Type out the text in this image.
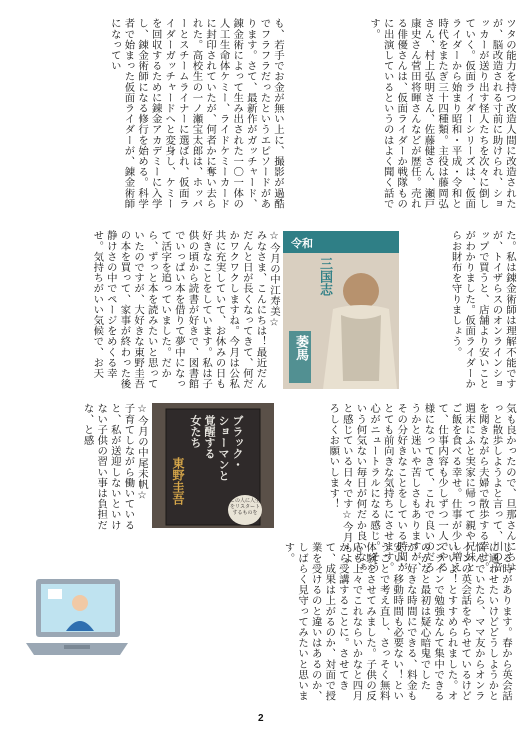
ツタの能力を持つ改造人間に改造されたが、脳改造される寸前に助けられ、ショッカーが送り出す怪人たちを次々に倒していく。仮面ライダーシリーズは、仮面ライダーから始まり昭和・平成・令和と時代をまたぎ三十四種類。主役は藤岡弘さん、村上弘明さん、佐藤健さん、瀬戸康史さん菅田将暉さんなどが歴任。売れる俳優さんは、仮面ライダーか戦隊ものに出演しているというのはよく聞く話です。
も、若手でお金が無い上に、撮影が過酷でフラフラだったというエピソードがあります。さて、最新作がガッチャード、錬金術によって生み出された一〇一体の人工生命体ケミー、ライドケミーカードに封印されていたが、何者かに奪い去られた。高校生の一ノ瀬宝太郎は、ホッパーとスチームライナーに選ばれ、仮面ライダーガッチャードへと変身し、ケミーを回収するために錬金アカデミーに入学し、錬金術師になる修行を始める。科学者で始まった仮面ライダーが、錬金術師になってい
た。私は錬金術師は理解不能ですが、トイザらスのオンラインショップで買うと、店舗より安いことがわかりました。仮面ライダーからお財布を守りましょう。
令和
三国志
萎馬
☆今月の中江寿美☆
みなさま、こんにちは！最近だんだんと日が長くなってきて、何だかワクワクしますね。今月は公私共に充実していて、お休みの日も好きなことをしています。私は子供の頃から読書が好きで、図書館でいっぱい本を借りて夢中になって活字を追っていました。だから、ずっと本を読みたいと思っていたのですが、大好きな東野圭吾の本を買って、家事が終わった後静けさの中でページをめくる幸せ。気持ちがいい気候で、お天
気も良かったので、旦那さんにちょっと散歩しようよと言って、川の音を聞きながら夫婦で散歩する幸せ。週末にふと実家に帰って親や兄妹とご飯を食べる幸せ。仕事が少し増えて、仕事内容も少しずつ一人でやる様になってきて、これで良いのだろうかと迷いや苦しさもありますが、その分好きなことをしている時間がとても前向きな気持ちにさせます。心がニュートラルになる感じ。そういう何気ない毎日が何だか良いなぁと感じている日々です☆今月もよろしくお願いします！
ブラック・
ショーマンと
覚醒する
女たち
東野圭吾	この人に人生をリスタートするものを
☆今月の中尾未帆☆
子育てしながら働いていると、私が送迎しないといけない子供の習い事は負担だな、と感
じる時があります。春から英会話に通わせたいけどどうしようかと悩んでいたら、ママ友からオンラインの英会話をやらせているけどいいよ！とすすめられました。オンラインで勉強なんて集中できるのかなと最初は疑心暗鬼でしたが、好きな時間にできる、料金も安い、移動時間も必要ない！ということで考え直し、さっそく無料体験をさせてみました。子供の反応も上々でこれならいかなと四月から受講することに。させてきて、成果は上がるのか、対面で授業を受けるのと違いはあるのか、しばらく見守ってみたいと思います。
2
